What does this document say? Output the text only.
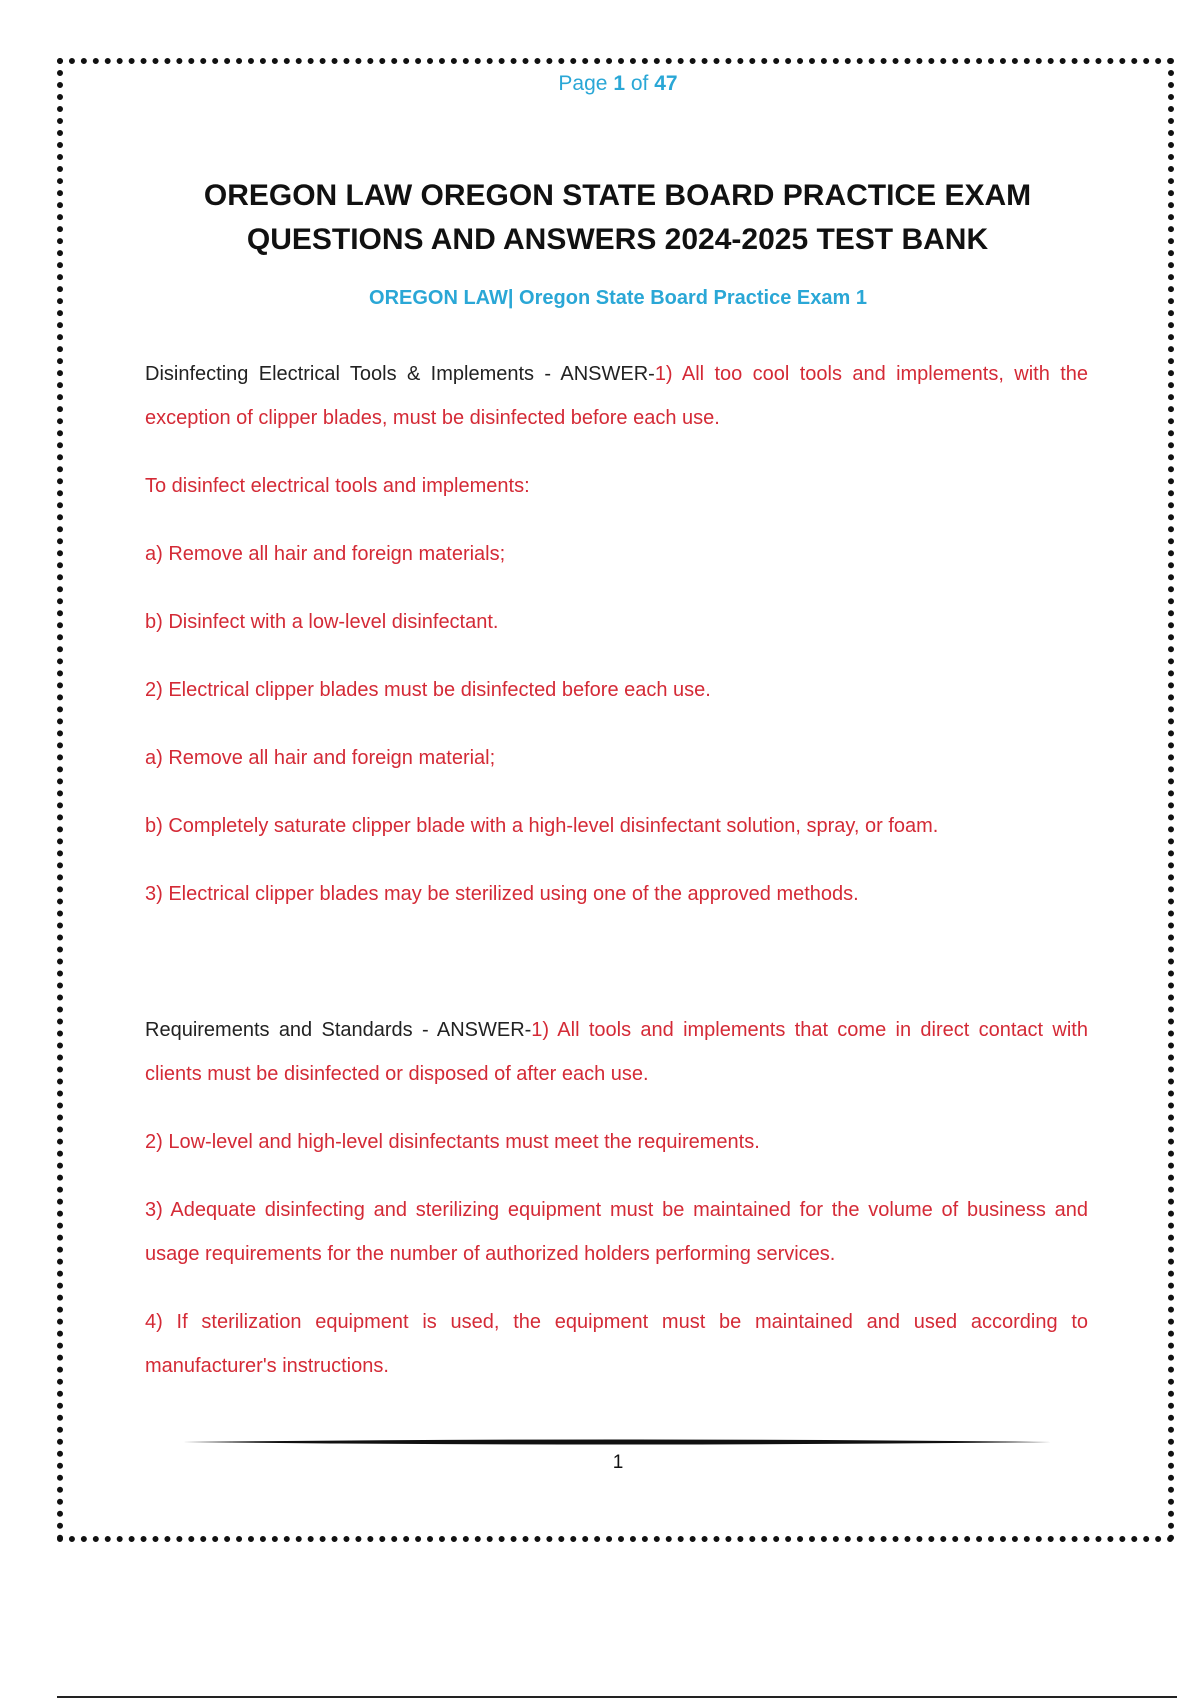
Page 1 of 47
OREGON LAW OREGON STATE BOARD PRACTICE EXAM
QUESTIONS AND ANSWERS 2024-2025 TEST BANK
OREGON LAW| Oregon State Board Practice Exam 1

Disinfecting Electrical Tools & Implements - ANSWER-1) All too cool tools and implements, with the exception of clipper blades, must be disinfected before each use.

To disinfect electrical tools and implements:

a) Remove all hair and foreign materials;

b) Disinfect with a low-level disinfectant.

2) Electrical clipper blades must be disinfected before each use.

a) Remove all hair and foreign material;

b) Completely saturate clipper blade with a high-level disinfectant solution, spray, or foam.

3) Electrical clipper blades may be sterilized using one of the approved methods.

Requirements and Standards - ANSWER-1) All tools and implements that come in direct contact with clients must be disinfected or disposed of after each use.

2) Low-level and high-level disinfectants must meet the requirements.

3) Adequate disinfecting and sterilizing equipment must be maintained for the volume of business and usage requirements for the number of authorized holders performing services.

4) If sterilization equipment is used, the equipment must be maintained and used according to manufacturer's instructions.

1
